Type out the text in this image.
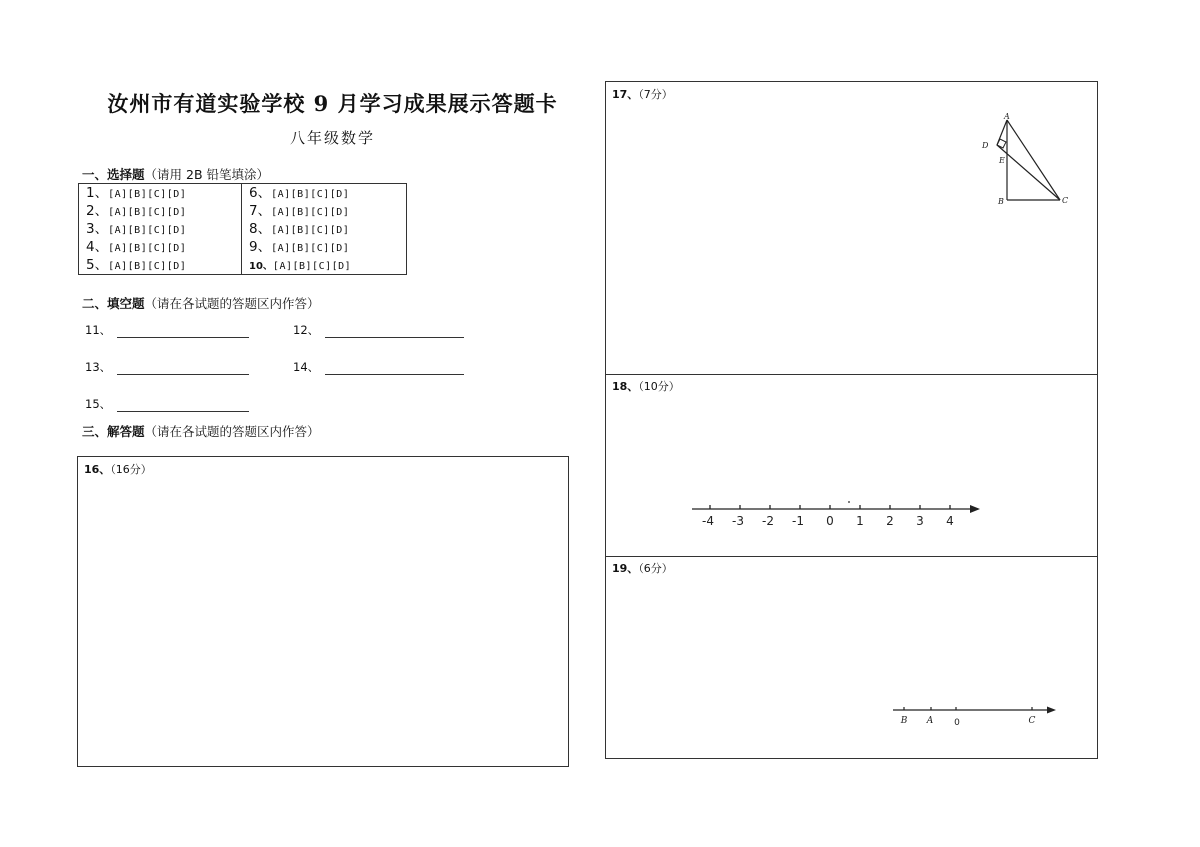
汝州市有道实验学校 9 月学习成果展示答题卡
八年级数学
一、选择题（请用 2B 铅笔填涂）
1、[A][B][C][D]
2、[A][B][C][D]
3、[A][B][C][D]
4、[A][B][C][D]
5、[A][B][C][D]
6、[A][B][C][D]
7、[A][B][C][D]
8、[A][B][C][D]
9、[A][B][C][D]
10、[A][B][C][D]
二、填空题（请在各试题的答题区内作答）
11、	12、
13、	14、
15、
三、解答题（请在各试题的答题区内作答）
16、（16分）
17、（7分）
A
D
E
B	C
18、（10分）
-4 -3 -2 -1 0 1 2 3 4
19、（6分）
B A 0	C
